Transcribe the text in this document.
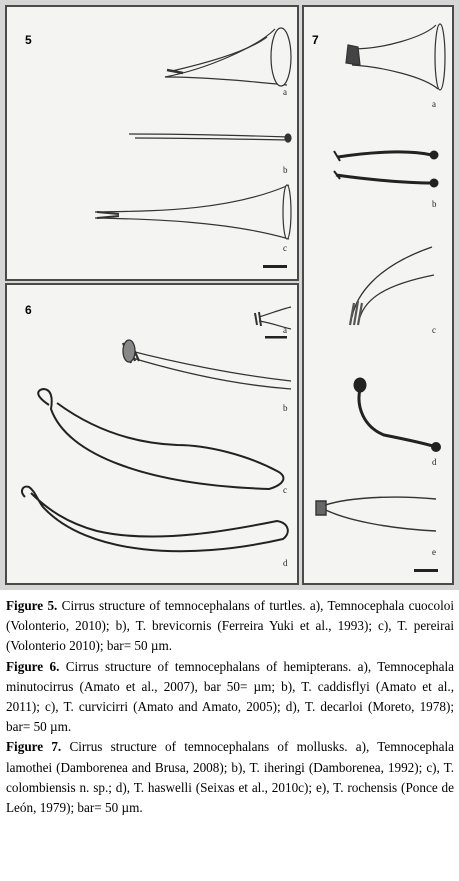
5
a
b
c
6
a
b
c
d
7
a
b
c
d
e

Figure 5. Cirrus structure of temnocephalans of turtles. a), Temnocephala cuocoloi (Volonterio, 2010); b), T. brevicornis (Ferreira Yuki et al., 1993); c), T. pereirai (Volonterio 2010); bar= 50 µm.

Figure 6. Cirrus structure of temnocephalans of hemipterans. a), Temnocephala minutocirrus (Amato et al., 2007), bar 50= µm; b), T. caddisflyi (Amato et al., 2011); c), T. curvicirri (Amato and Amato, 2005); d), T. decarloi (Moreto, 1978); bar= 50 µm.

Figure 7. Cirrus structure of temnocephalans of mollusks. a), Temnocephala lamothei (Damborenea and Brusa, 2008); b), T. iheringi (Damborenea, 1992); c), T. colombiensis n. sp.; d), T. haswelli (Seixas et al., 2010c); e), T. rochensis (Ponce de León, 1979); bar= 50 µm.
